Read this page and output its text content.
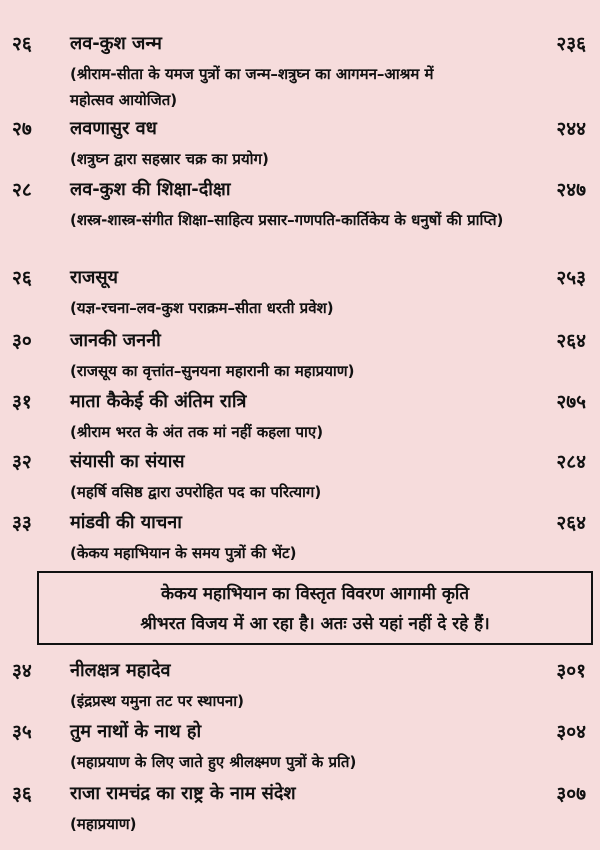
२६ लव-कुश जन्म	२३६
(श्रीराम-सीता के यमज पुत्रों का जन्म–शत्रुघ्न का आगमन–आश्रम में महोत्सव आयोजित)
२७ लवणासुर वध	२४४
(शत्रुघ्न द्वारा सहस्रार चक्र का प्रयोग)
२८ लव-कुश की शिक्षा-दीक्षा	२४७
(शस्त्र-शास्त्र-संगीत शिक्षा–साहित्य प्रसार–गणपति-कार्तिकेय के धनुषों की प्राप्ति)
२६ राजसूय	२५३
(यज्ञ-रचना–लव-कुश पराक्रम–सीता धरती प्रवेश)
३० जानकी जननी	२६४
(राजसूय का वृत्तांत–सुनयना महारानी का महाप्रयाण)
३१ माता कैकेई की अंतिम रात्रि	२७५
(श्रीराम भरत के अंत तक मां नहीं कहला पाए)
३२ संयासी का संयास	२८४
(महर्षि वसिष्ठ द्वारा उपरोहित पद का परित्याग)
३३ मांडवी की याचना	२६४
(केकय महाभियान के समय पुत्रों की भेंट)
केकय महाभियान का विस्तृत विवरण आगामी कृति
श्रीभरत विजय में आ रहा है। अतः उसे यहां नहीं दे रहे हैं।
३४ नीलक्षत्र महादेव	३०१
(इंद्रप्रस्थ यमुना तट पर स्थापना)
३५ तुम नाथों के नाथ हो	३०४
(महाप्रयाण के लिए जाते हुए श्रीलक्ष्मण पुत्रों के प्रति)
३६ राजा रामचंद्र का राष्ट्र के नाम संदेश	३०७
(महाप्रयाण)
